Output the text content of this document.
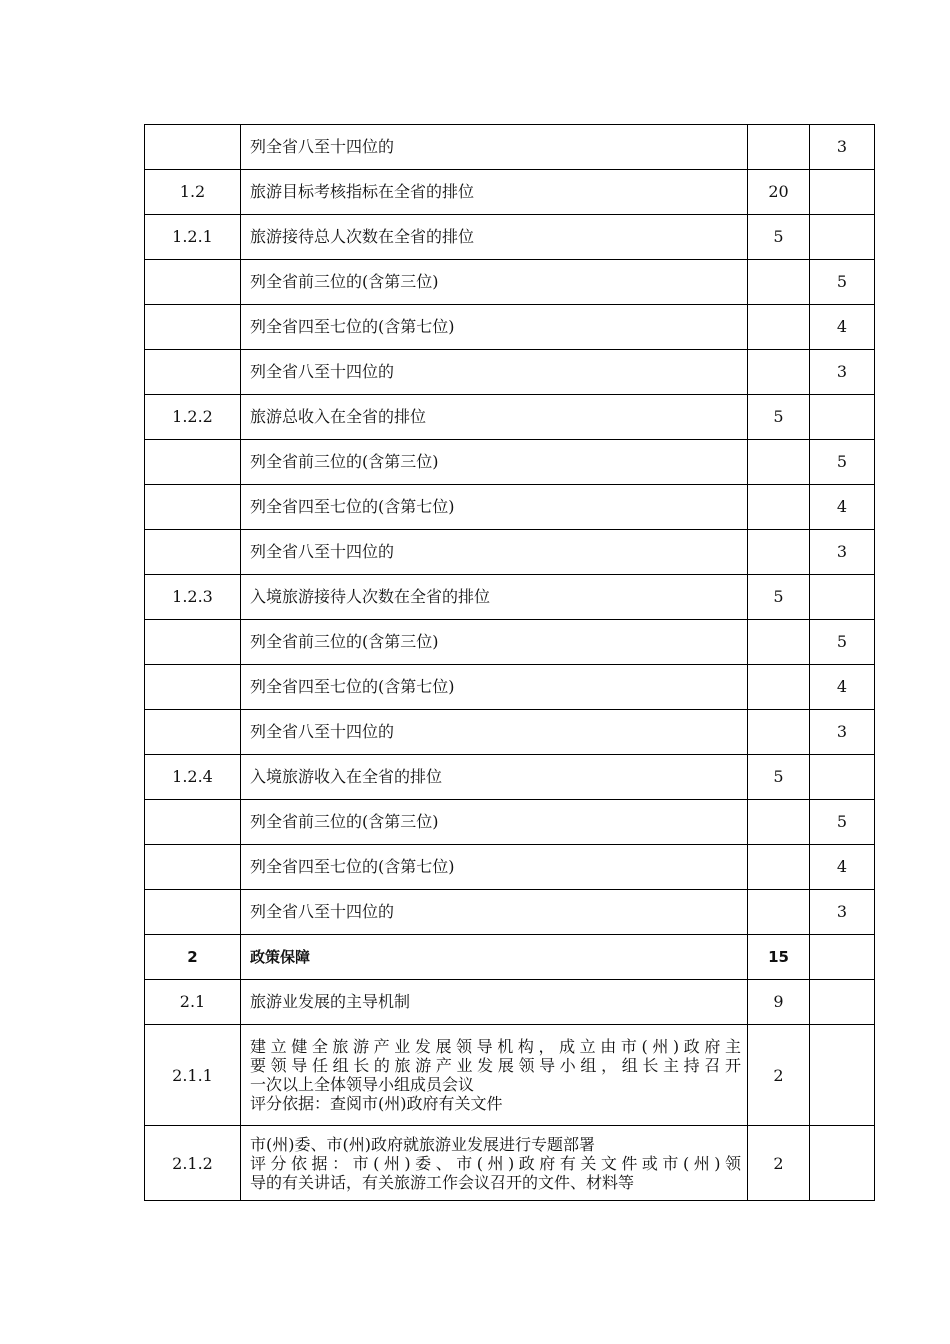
	列全省八至十四位的		3
1.2	旅游目标考核指标在全省的排位	20	
1.2.1	旅游接待总人次数在全省的排位	5	
	列全省前三位的(含第三位)		5
	列全省四至七位的(含第七位)		4
	列全省八至十四位的		3
1.2.2	旅游总收入在全省的排位	5	
	列全省前三位的(含第三位)		5
	列全省四至七位的(含第七位)		4
	列全省八至十四位的		3
1.2.3	入境旅游接待人次数在全省的排位	5	
	列全省前三位的(含第三位)		5
	列全省四至七位的(含第七位)		4
	列全省八至十四位的		3
1.2.4	入境旅游收入在全省的排位	5	
	列全省前三位的(含第三位)		5
	列全省四至七位的(含第七位)		4
	列全省八至十四位的		3
2	政策保障	15	
2.1	旅游业发展的主导机制	9	
2.1.1	建立健全旅游产业发展领导机构，成立由市(州)政府主
要领导任组长的旅游产业发展领导小组，组长主持召开
一次以上全体领导小组成员会议
评分依据：查阅市(州)政府有关文件	2	
2.1.2	市(州)委、市(州)政府就旅游业发展进行专题部署
评分依据：市(州)委、市(州)政府有关文件或市(州)领
导的有关讲话，有关旅游工作会议召开的文件、材料等	2	
